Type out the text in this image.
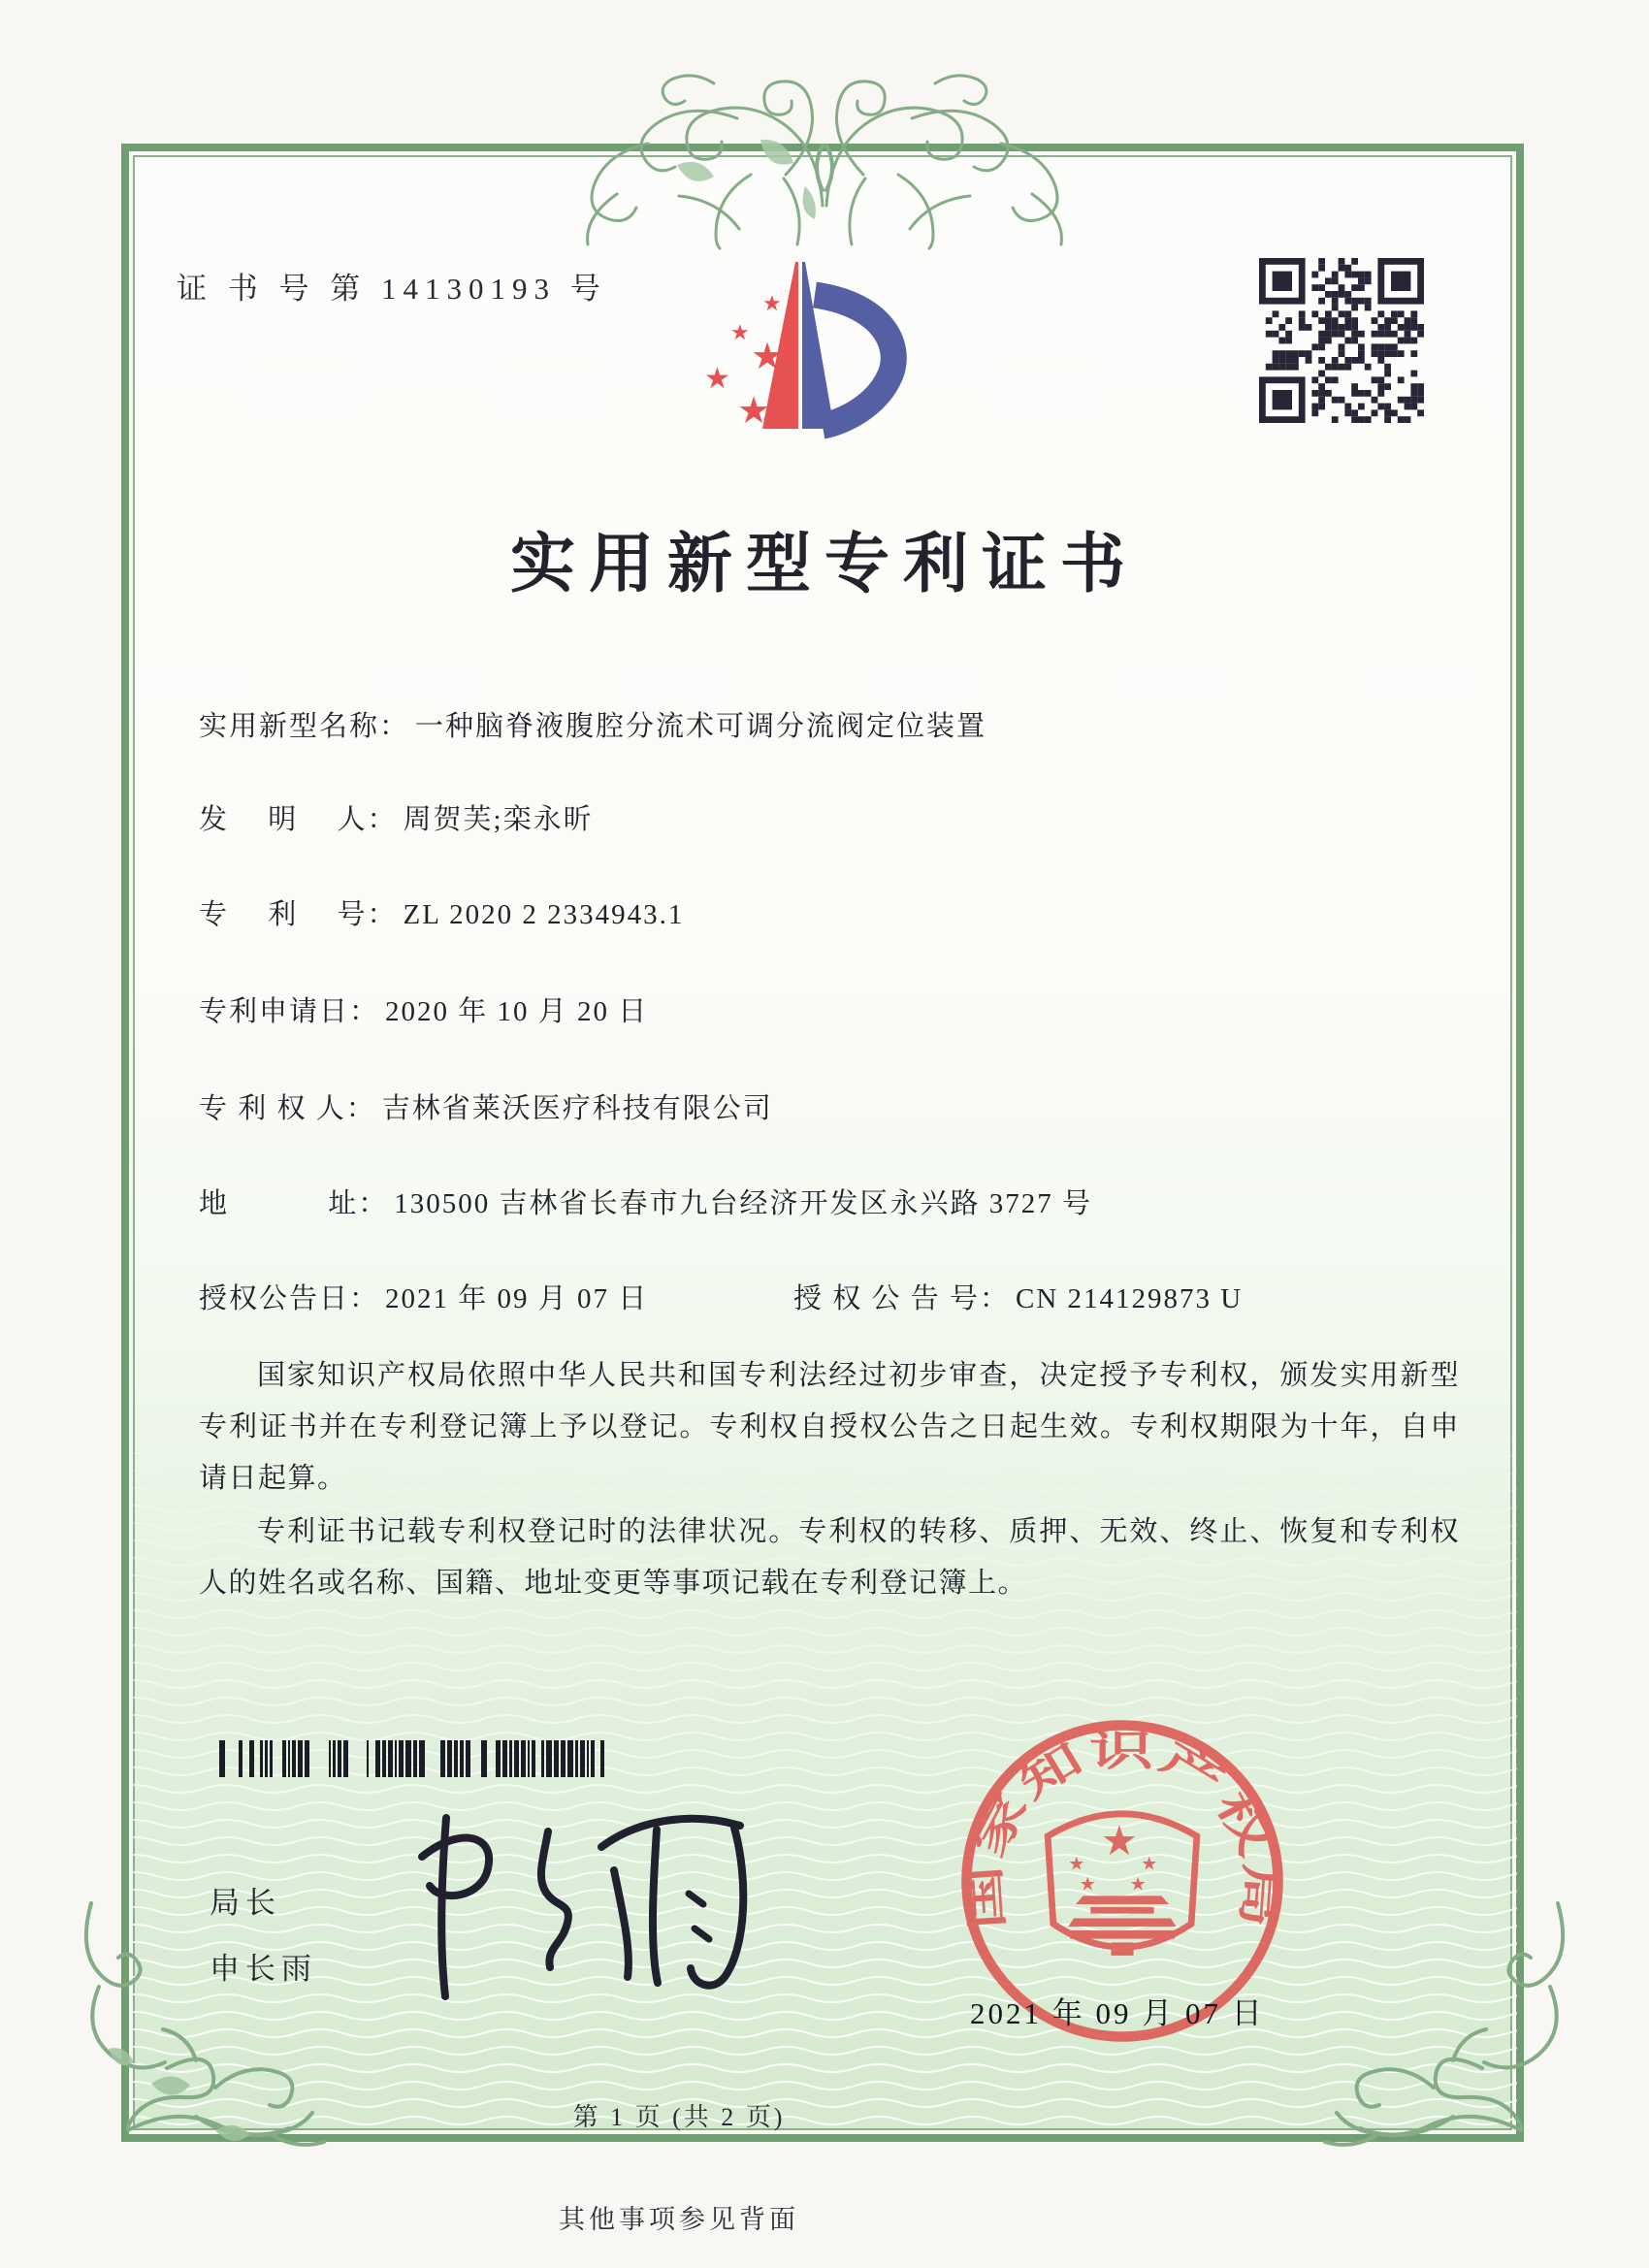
证 书 号 第 14130193 号	★
★
★
★
★
实用新型专利证书
实用新型名称： 一种脑脊液腹腔分流术可调分流阀定位装置
发　 明 　人： 周贺芙;栾永昕
专　 利 　号： ZL 2020 2 2334943.1
专利申请日： 2020 年 10 月 20 日
专 利 权 人： 吉林省莱沃医疗科技有限公司
地　 　　址： 130500 吉林省长春市九台经济开发区永兴路 3727 号
授权公告日： 2021 年 09 月 07 日	授 权 公 告 号： CN 214129873 U

国家知识产权局依照中华人民共和国专利法经过初步审查，决定授予专利权，颁发实用新型专利证书并在专利登记簿上予以登记。专利权自授权公告之日起生效。专利权期限为十年，自申请日起算。

专利证书记载专利权登记时的法律状况。专利权的转移、质押、无效、终止、恢复和专利权人的姓名或名称、国籍、地址变更等事项记载在专利登记簿上。

局长
申长雨
国家知识产权局
★
★	★
★ ★
2021 年 09 月 07 日
第 1 页 (共 2 页)
其他事项参见背面
